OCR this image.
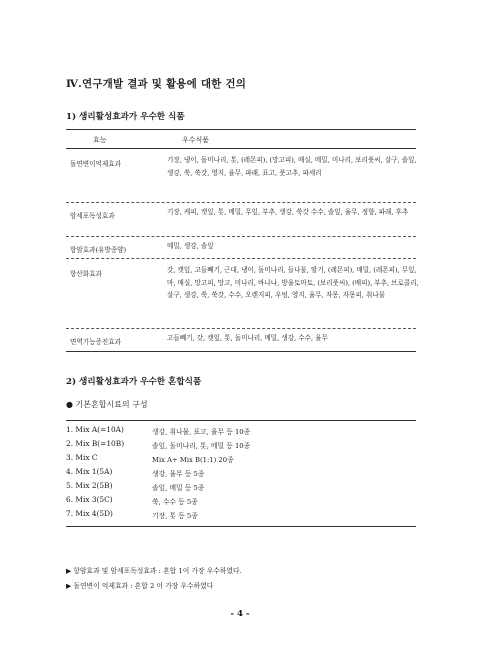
Ⅳ.연구개발 결과 및 활용에 대한 건의
1) 생리활성효과가 우수한 식품
효능	우수식품
돌연변이억제효과	기장, 냉이, 돌미나리, 톳, (레몬피), (망고피), 매실, 메밀, 미나리, 보리풋씨, 살구, 솔잎, 생강, 쑥, 쑥갓, 영지, 율무, 파래, 표고, 풋고추, 파세리
암세포독성효과	기장, 케피, 캣잎, 톳, 메밀, 무잎, 부추, 생강, 쑥갓 수수, 솔잎, 율무, 정향, 파래, 후추
항암효과(유방종양)	메밀, 생강, 솔잎
항산화효과	갓, 캣잎, 고들빼기, 근대, 냉이, 돌미나리, 들나물, 딸기, (레몬피), 매밀, (레몬피), 무잎, 마, 매실, 망고피, 망고, 미나리, 바나나, 방울토마토, (보리풋씨), (배피), 부추, 브로콜리, 살구, 생강, 쑥, 쑥갓, 수수, 오렌지피, 우엉, 영지, 율무, 자몽, 자몽피, 취나물
면역기능증진효과	고들빼기, 갓, 캣잎, 톳, 돌미나리, 메밀, 생강, 수수, 율무
2) 생리활성효과가 우수한 혼합식품
● 기본혼합시료의 구성
1. Mix A(=10A)	생강, 취나물, 표고, 율무 등 10종
2. Mix B(=10B)	솔잎, 돌미나리, 톳, 메밀 등 10종
3. Mix C	Mix A+ Mix B(1:1) 20종
4. Mix 1(5A)	생강, 율무 등 5종
5. Mix 2(5B)	솔잎, 메밀 등 5종
6. Mix 3(5C)	쑥, 수수 등 5종
7. Mix 4(5D)	기장, 톳 등 5종
▶ 항암효과 및 암세포독성효과 : 혼합 1이 가장 우수하였다.
▶ 돌연변이 억제효과 : 혼합 2 이 가장 우수하였다
- 4 -
